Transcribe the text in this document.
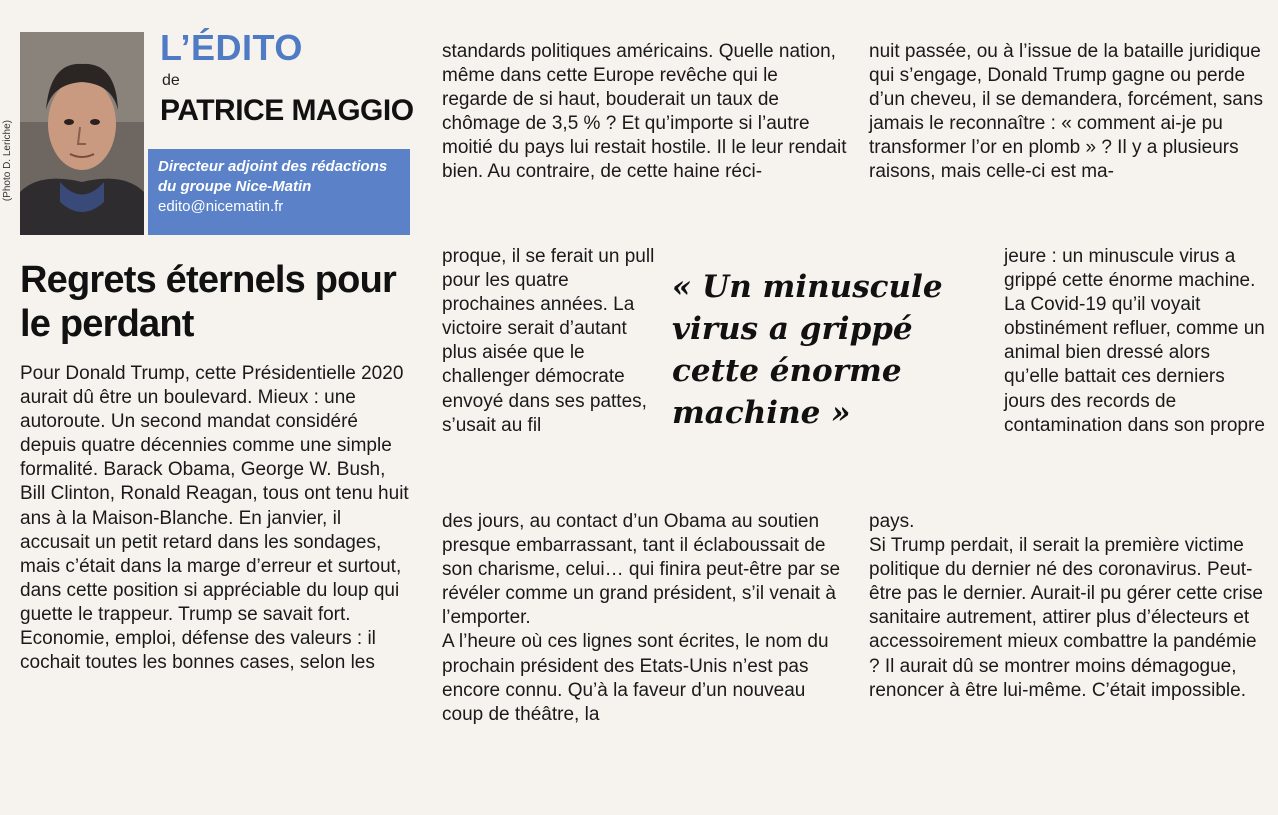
(Photo D. Leriche)
L’ÉDITO
de
PATRICE MAGGIO
Directeur adjoint des rédactions
du groupe Nice-Matin
edito@nicematin.fr
Regrets éternels pour le perdant

Pour Donald Trump, cette Présidentielle 2020 aurait dû être un boulevard. Mieux : une autoroute. Un second mandat considéré depuis quatre décennies comme une simple formalité. Barack Obama, George W. Bush, Bill Clinton, Ronald Reagan, tous ont tenu huit ans à la Maison-Blanche. En janvier, il accusait un petit retard dans les sondages, mais c’était dans la marge d’erreur et surtout, dans cette position si appréciable du loup qui guette le trappeur. Trump se savait fort. Economie, emploi, défense des valeurs : il cochait toutes les bonnes cases, selon les

standards politiques américains. Quelle nation, même dans cette Europe revêche qui le regarde de si haut, bouderait un taux de chômage de 3,5 % ? Et qu’importe si l’autre moitié du pays lui restait hostile. Il le leur rendait bien. Au contraire, de cette haine réci-

proque, il se ferait un pull pour les quatre prochaines années. La victoire serait d’autant plus aisée que le challenger démocrate envoyé dans ses pattes, s’usait au fil

des jours, au contact d’un Obama au soutien presque embarrassant, tant il éclaboussait de son charisme, celui… qui finira peut-être par se révéler comme un grand président, s’il venait à l’emporter.

A l’heure où ces lignes sont écrites, le nom du prochain président des Etats-Unis n’est pas encore connu. Qu’à la faveur d’un nouveau coup de théâtre, la

« Un minuscule virus a grippé cette énorme machine »

nuit passée, ou à l’issue de la bataille juridique qui s’engage, Donald Trump gagne ou perde d’un cheveu, il se demandera, forcément, sans jamais le reconnaître : « comment ai-je pu transformer l’or en plomb » ? Il y a plusieurs raisons, mais celle-ci est ma-

jeure : un minuscule virus a grippé cette énorme machine. La Covid-19 qu’il voyait obstinément refluer, comme un animal bien dressé alors qu’elle battait ces derniers jours des records de contamination dans son propre

pays.

Si Trump perdait, il serait la première victime politique du dernier né des coronavirus. Peut-être pas le dernier. Aurait-il pu gérer cette crise sanitaire autrement, attirer plus d’électeurs et accessoirement mieux combattre la pandémie ? Il aurait dû se montrer moins démagogue, renoncer à être lui-même. C’était impossible.
